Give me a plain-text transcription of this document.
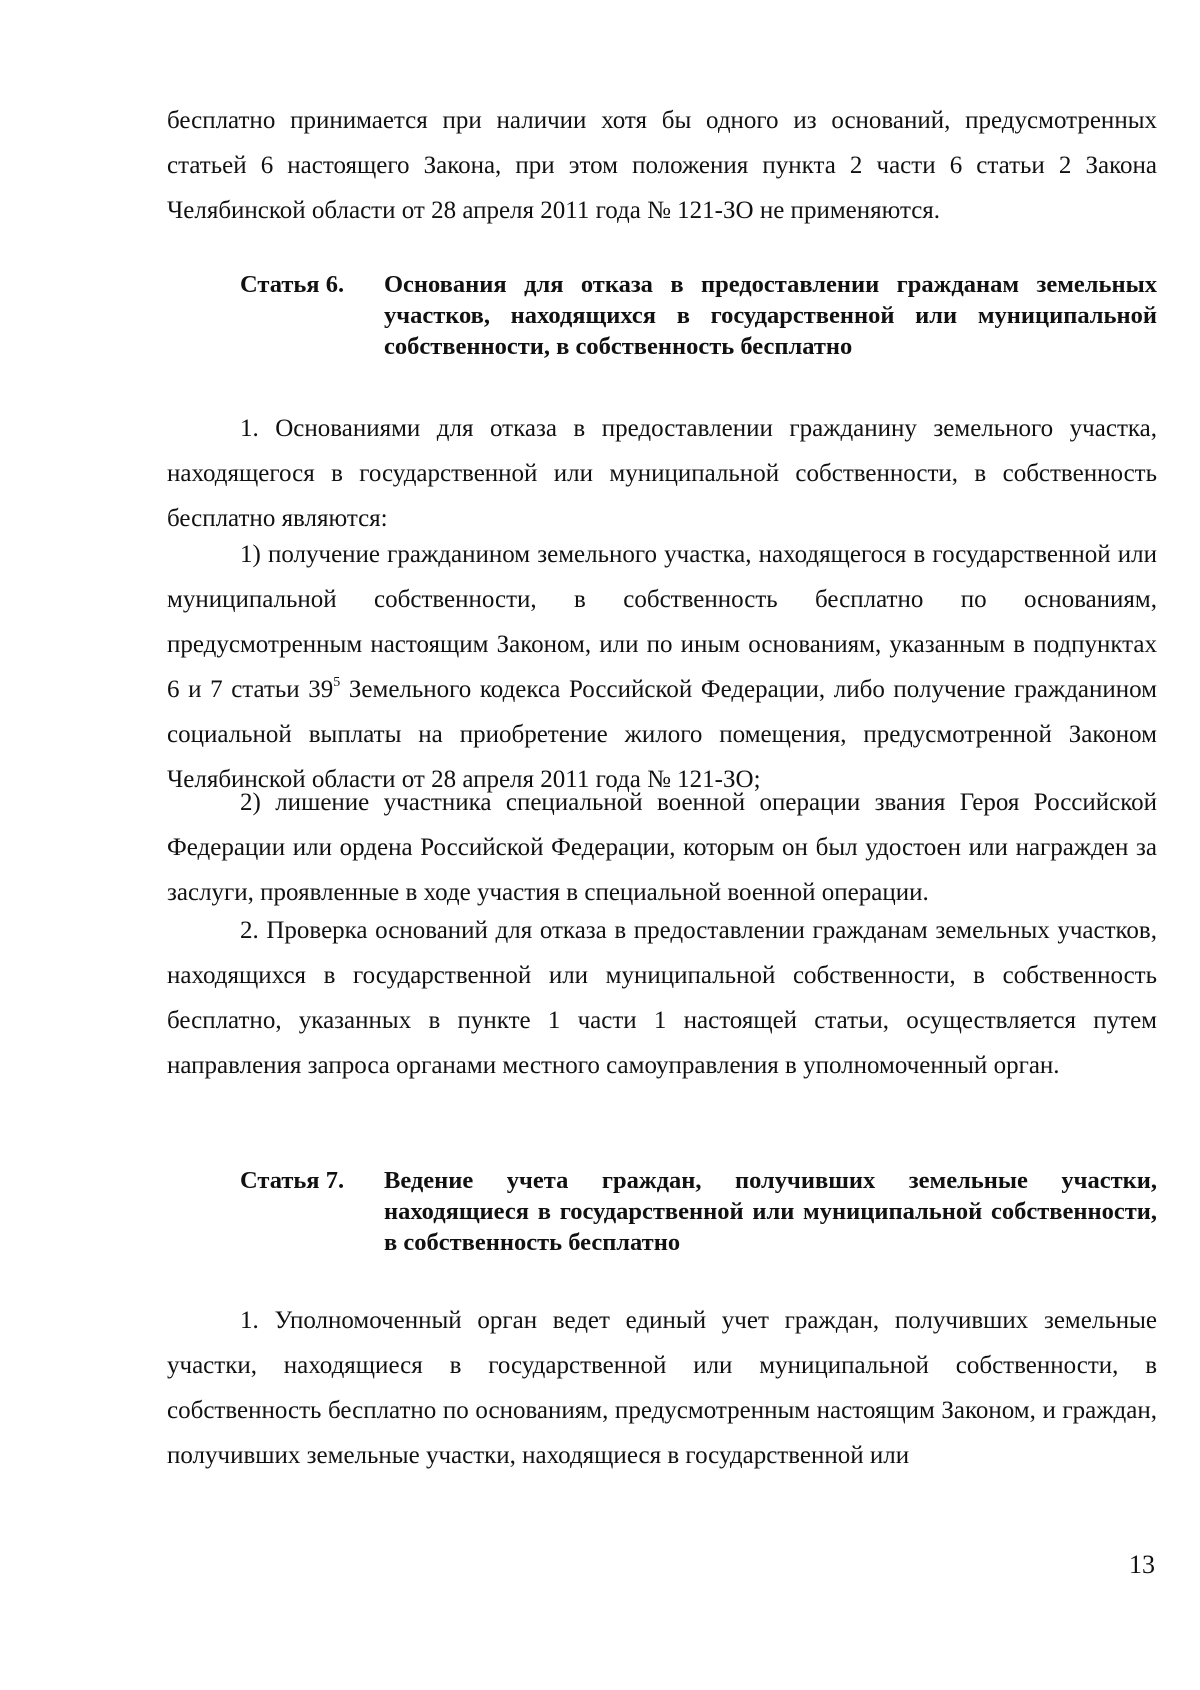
бесплатно принимается при наличии хотя бы одного из оснований, предусмотренных статьей 6 настоящего Закона, при этом положения пункта 2 части 6 статьи 2 Закона Челябинской области от 28 апреля 2011 года № 121-ЗО не применяются.

Статья 6. Основания для отказа в предоставлении гражданам земельных участков, находящихся в государственной или муниципальной собственности, в собственность бесплатно

1. Основаниями для отказа в предоставлении гражданину земельного участка, находящегося в государственной или муниципальной собственности, в собственность бесплатно являются:

1) получение гражданином земельного участка, находящегося в государственной или муниципальной собственности, в собственность бесплатно по основаниям, предусмотренным настоящим Законом, или по иным основаниям, указанным в подпунктах 6 и 7 статьи $39^5$ Земельного кодекса Российской Федерации, либо получение гражданином социальной выплаты на приобретение жилого помещения, предусмотренной Законом Челябинской области от 28 апреля 2011 года № 121-ЗО;

2) лишение участника специальной военной операции звания Героя Российской Федерации или ордена Российской Федерации, которым он был удостоен или награжден за заслуги, проявленные в ходе участия в специальной военной операции.

2. Проверка оснований для отказа в предоставлении гражданам земельных участков, находящихся в государственной или муниципальной собственности, в собственность бесплатно, указанных в пункте 1 части 1 настоящей статьи, осуществляется путем направления запроса органами местного самоуправления в уполномоченный орган.

Статья 7. Ведение учета граждан, получивших земельные участки, находящиеся в государственной или муниципальной собственности, в собственность бесплатно

1. Уполномоченный орган ведет единый учет граждан, получивших земельные участки, находящиеся в государственной или муниципальной собственности, в собственность бесплатно по основаниям, предусмотренным настоящим Законом, и граждан, получивших земельные участки, находящиеся в государственной или

13
